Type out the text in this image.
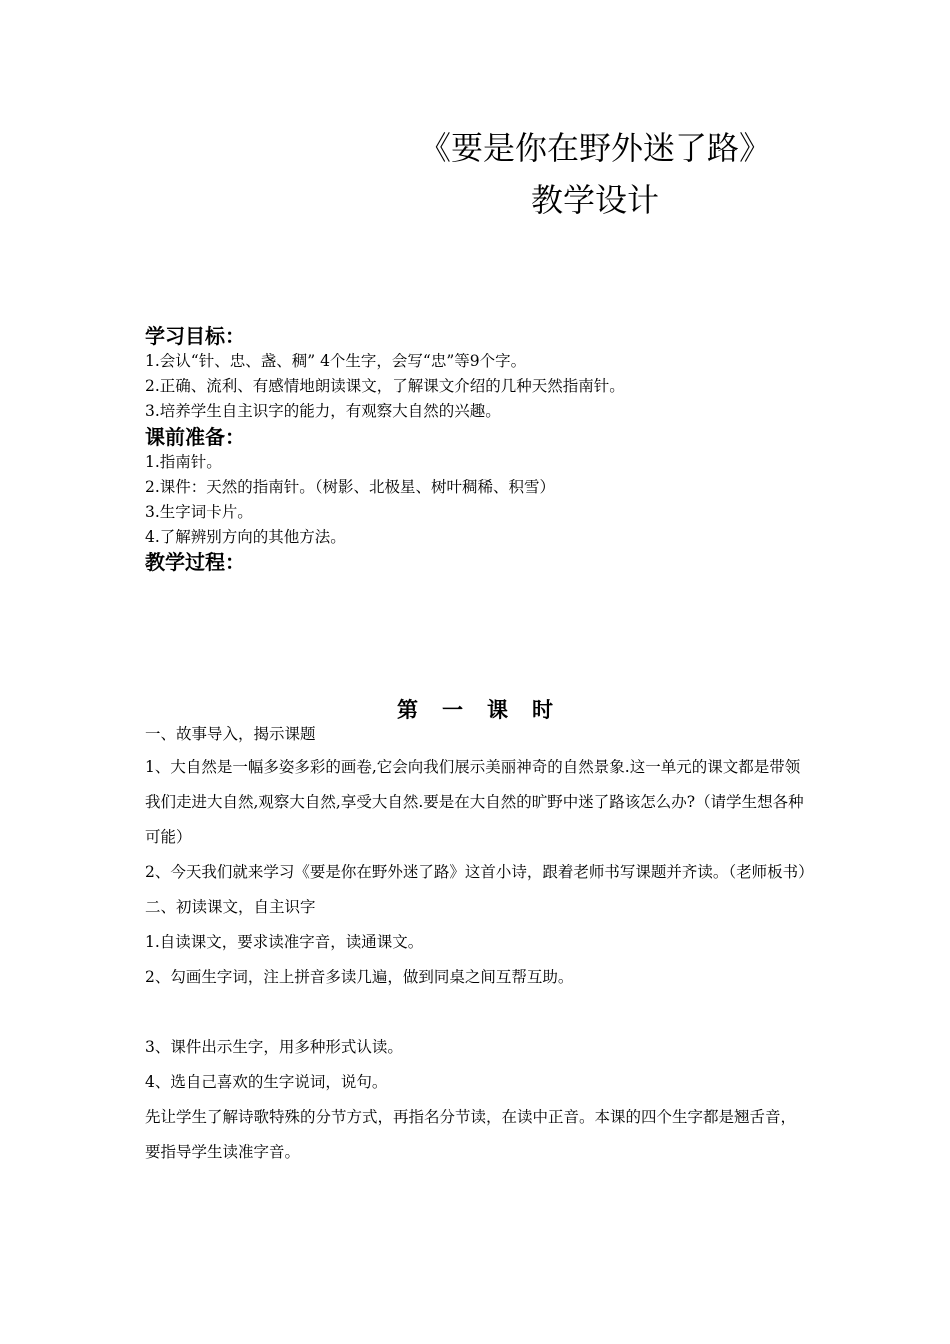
《要是你在野外迷了路》
教学设计

学习目标：

1.会认“针、忠、盏、稠” 4个生字，会写“忠”等9个字。

2.正确、流利、有感情地朗读课文，了解课文介绍的几种天然指南针。

3.培养学生自主识字的能力，有观察大自然的兴趣。

课前准备：

1.指南针。

2.课件：天然的指南针。（树影、北极星、树叶稠稀、积雪）

3.生字词卡片。

4.了解辨别方向的其他方法。

教学过程：

第一课时

一、故事导入，揭示课题

1、大自然是一幅多姿多彩的画卷,它会向我们展示美丽神奇的自然景象.这一单元的课文都是带领我们走进大自然,观察大自然,享受大自然.要是在大自然的旷野中迷了路该怎么办?（请学生想各种可能）

2、今天我们就来学习《要是你在野外迷了路》这首小诗，跟着老师书写课题并齐读。（老师板书）

二、初读课文，自主识字

1.自读课文，要求读准字音，读通课文。

2、勾画生字词，注上拼音多读几遍，做到同桌之间互帮互助。

3、课件出示生字，用多种形式认读。

4、选自己喜欢的生字说词，说句。

先让学生了解诗歌特殊的分节方式，再指名分节读，在读中正音。本课的四个生字都是翘舌音，要指导学生读准字音。
